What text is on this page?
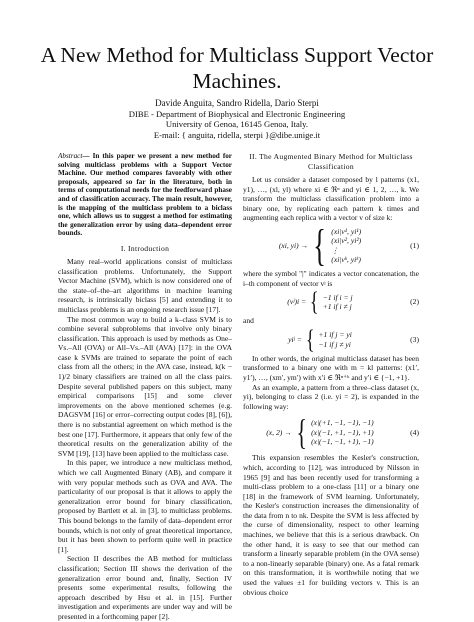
A New Method for Multiclass Support Vector Machines.
Davide Anguita, Sandro Ridella, Dario Sterpi
DIBE - Department of Biophysical and Electronic Engineering
University of Genoa, 16145 Genoa, Italy.
E-mail: { anguita, ridella, sterpi }@dibe.unige.it
Abstract— In this paper we present a new method for solving multiclass problems with a Support Vector Machine. Our method compares favorably with other proposals, appeared so far in the literature, both in terms of computational needs for the feedforward phase and of classification accuracy. The main result, however, is the mapping of the multiclass problem to a biclass one, which allows us to suggest a method for estimating the generalization error by using data–dependent error bounds.
I. Introduction

Many real–world applications consist of multiclass classification problems. Unfortunately, the Support Vector Machine (SVM), which is now considered one of the state–of–the–art algorithms in machine learning research, is intrinsically biclass [5] and extending it to multiclass problems is an ongoing research issue [17].

The most common way to build a k–class SVM is to combine several subproblems that involve only binary classification. This approach is used by methods as One–Vs.–All (OVA) or All–Vs.–All (AVA) [17]: in the OVA case k SVMs are trained to separate the point of each class from all the others; in the AVA case, instead, k(k − 1)/2 binary classifiers are trained on all the class pairs. Despite several published papers on this subject, many empirical comparisons [15] and some clever improvements on the above mentioned schemes (e.g. DAGSVM [16] or error–correcting output codes [8], [6]), there is no substantial agreement on which method is the best one [17]. Furthermore, it appears that only few of the theoretical results on the generalization ability of the SVM [19], [13] have been applied to the multiclass case.

In this paper, we introduce a new multiclass method, which we call Augmented Binary (AB), and compare it with very popular methods such as OVA and AVA. The particularity of our proposal is that it allows to apply the generalization error bound for binary classification, proposed by Bartlett et al. in [3], to multiclass problems. This bound belongs to the family of data–dependent error bounds, which is not only of great theoretical importance, but it has been shown to perform quite well in practice [1].

Section II describes the AB method for multiclass classification; Section III shows the derivation of the generalization error bound and, finally, Section IV presents some experimental results, following the approach described by Hsu et al. in [15]. Further investigation and experiments are under way and will be presented in a forthcoming paper [2].

II. The Augmented Binary Method for Multiclass Classification

Let us consider a dataset composed by l patterns (x1, y1), …, (xl, yl) where xi ∈ ℜⁿ and yi ∈ 1, 2, …, k. We transform the multiclass classification problem into a binary one, by replicating each pattern k times and augmenting each replica with a vector v of size k:

(xi, yi) → { (xi|v¹, yi¹)
(xi|v², yi²)
⋮
(xi|vᵏ, yiᵏ)
(1)

where the symbol "|" indicates a vector concatenation, the i–th component of vector vʲ is

(vʲ)i = { −1 if i = j
+1 if i ≠ j
(2)

and

yiʲ = { +1 if j = yi
−1 if j ≠ yi
(3)

In other words, the original multiclass dataset has been transformed to a binary one with m = kl patterns: (x1′, y1′), …, (xm′, ym′) with x′i ∈ ℜⁿ⁺ᵏ and y′i ∈ {−1, +1}.

As an example, a pattern from a three–class dataset (x, yi), belonging to class 2 (i.e. yi = 2), is expanded in the following way:

(x, 2) → { (x|(+1, −1, −1), −1)
(x|(−1, +1, −1), +1)
(x|(−1, −1, +1), −1)
(4)

This expansion resembles the Kesler's construction, which, according to [12], was introduced by Nilsson in 1965 [9] and has been recently used for transforming a multi-class problem to a one-class [11] or a binary one [18] in the framework of SVM learning. Unfortunately, the Kesler's construction increases the dimensionality of the data from n to nk. Despite the SVM is less affected by the curse of dimensionality, respect to other learning machines, we believe that this is a serious drawback. On the other hand, it is easy to see that our method can transform a linearly separable problem (in the OVA sense) to a non-linearly separable (binary) one. As a fatal remark on this transformation, it is worthwhile noting that we used the values ±1 for building vectors v. This is an obvious choice
